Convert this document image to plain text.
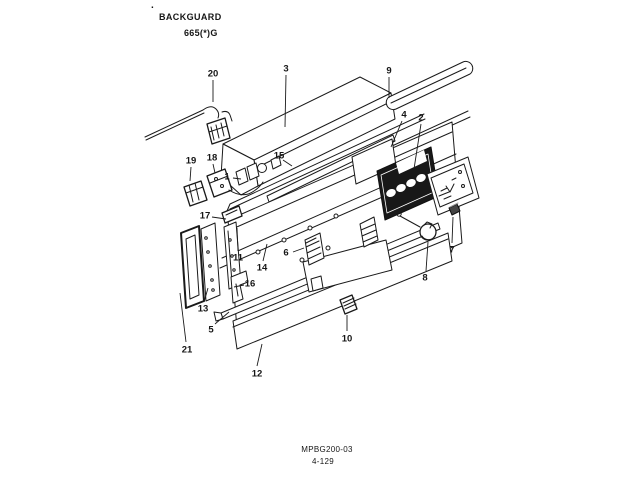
.
BACKGUARD
665(*)G
1
2
3
4
5
6	7
8
9
10
11
12
13
14
15
16
17
18
19
20
21
MPBG200-03
4-129
